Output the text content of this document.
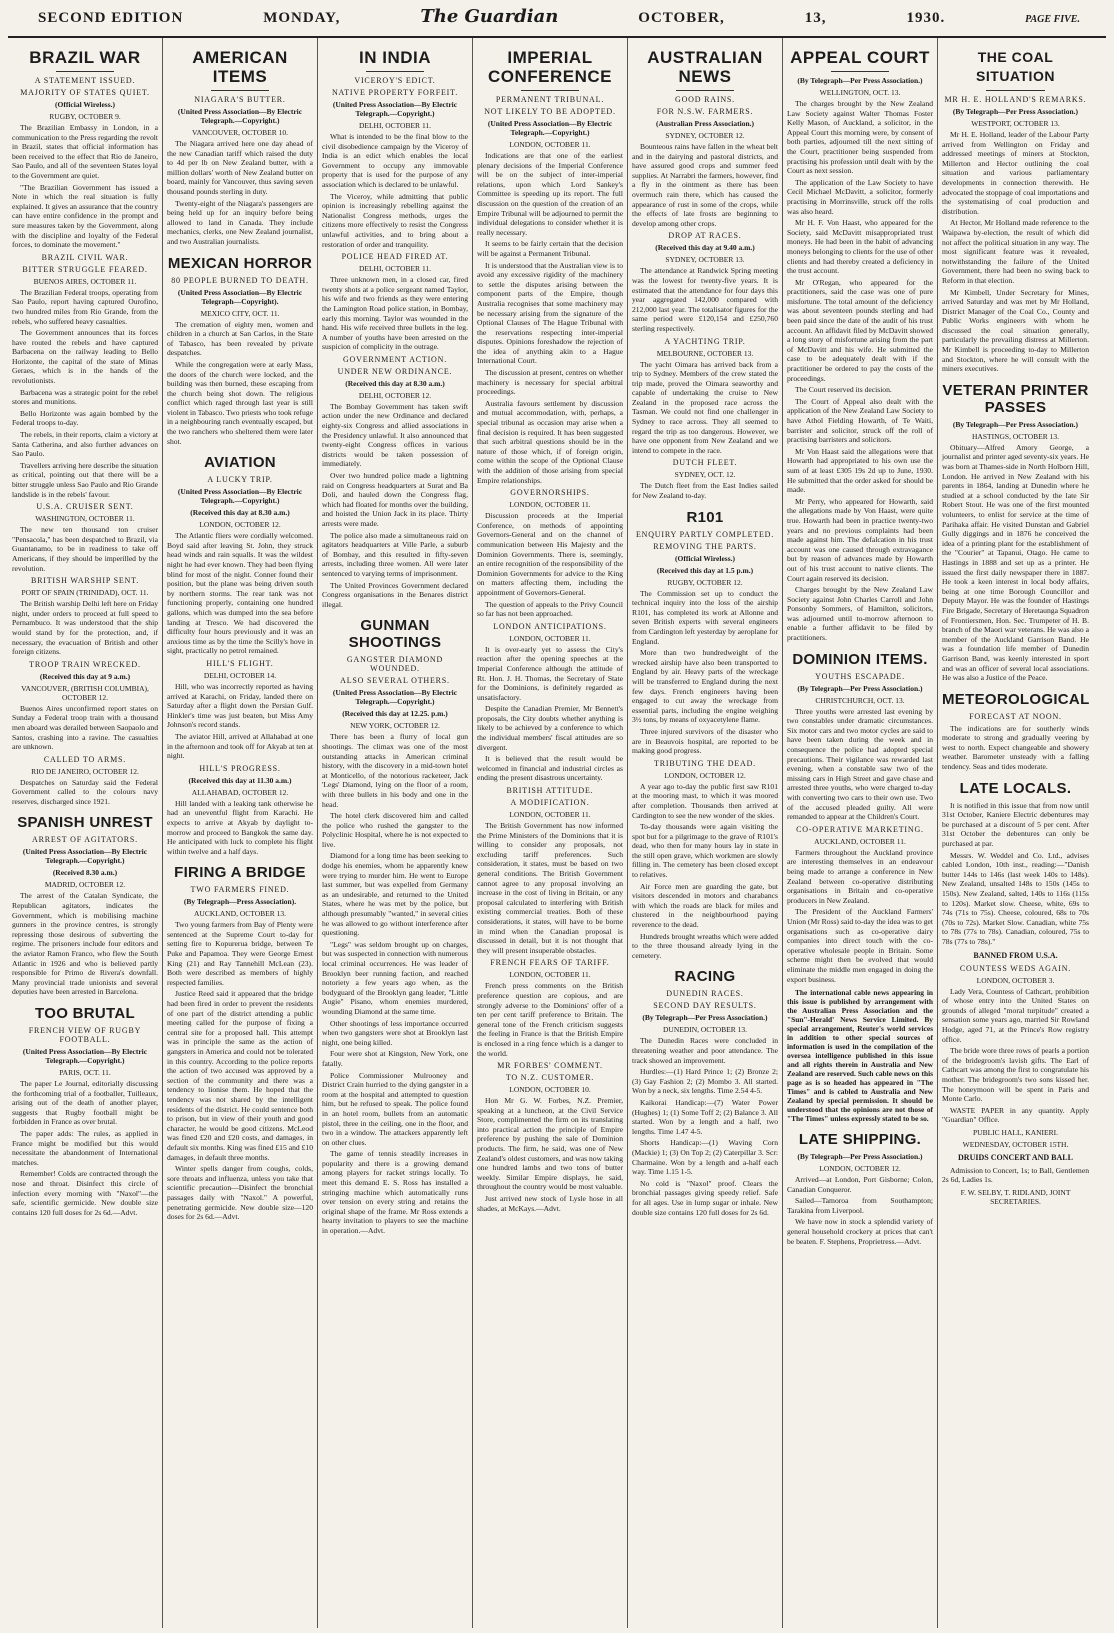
SECOND EDITION	MONDAY,	The Guardian	OCTOBER,	13,	1930.	PAGE FIVE.
BRAZIL WAR
A STATEMENT ISSUED.
MAJORITY OF STATES QUIET.
(Official Wireless.)
RUGBY, OCTOBER 9.

The Brazilian Embassy in London, in a communication to the Press regarding the revolt in Brazil, states that official information has been received to the effect that Rio de Janeiro, Sao Paulo, and all of the seventeen States loyal to the Government are quiet.

"The Brazilian Government has issued a Note in which the real situation is fully explained. It gives an assurance that the country can have entire confidence in the prompt and sure measures taken by the Government, along with the discipline and loyalty of the Federal forces, to dominate the movement."

BRAZIL CIVIL WAR.
BITTER STRUGGLE FEARED.
BUENOS AIRES, OCTOBER 11.

The Brazilian Federal troops, operating from Sao Paulo, report having captured Ourofino, two hundred miles from Rio Grande, from the rebels, who suffered heavy casualties.

The Government announces that its forces have routed the rebels and have captured Barbacena on the railway leading to Bello Horizonte, the capital of the state of Minas Geraes, which is in the hands of the revolutionists.

Barbacena was a strategic point for the rebel stores and munitions.

Bello Horizonte was again bombed by the Federal troops to-day.

The rebels, in their reports, claim a victory at Santa Catherina, and also further advances on Sao Paulo.

Travellers arriving here describe the situation as critical, pointing out that there will be a bitter struggle unless Sao Paulo and Rio Grande landslide is in the rebels' favour.

U.S.A. CRUISER SENT.
WASHINGTON, OCTOBER 11.

The new ten thousand ton cruiser "Pensacola," has been despatched to Brazil, via Guantanamo, to be in readiness to take off Americans, if they should be imperilled by the revolution.

BRITISH WARSHIP SENT.
PORT OF SPAIN (TRINIDAD), OCT. 11.

The British warship Delhi left here on Friday night, under orders to proceed at full speed to Pernambuco. It was understood that the ship would stand by for the protection, and, if necessary, the evacuation of British and other foreign citizens.

TROOP TRAIN WRECKED.
(Received this day at 9 a.m.)
VANCOUVER, (BRITISH COLUMBIA), OCTOBER 12.

Buenos Aires unconfirmed report states on Sunday a Federal troop train with a thousand men aboard was derailed between Saopaolo and Santos, crashing into a ravine. The casualties are unknown.

CALLED TO ARMS.
RIO DE JANEIRO, OCTOBER 12.

Despatches on Saturday said the Federal Government called to the colours navy reserves, discharged since 1921.

SPANISH UNREST
ARREST OF AGITATORS.
(United Press Association—By Electric Telegraph.—Copyright.)
(Received 8.30 a.m.)
MADRID, OCTOBER 12.

The arrest of the Catalan Syndicate, the Republican agitators, indicates the Government, which is mobilising machine gunners in the province centres, is strongly repressing those desirous of subverting the regime. The prisoners include four editors and the aviator Ramon Franco, who flew the South Atlantic in 1926 and who is believed partly responsible for Primo de Rivera's downfall. Many provincial trade unionists and several deputies have been arrested in Barcelona.

TOO BRUTAL
FRENCH VIEW OF RUGBY FOOTBALL.
(United Press Association—By Electric Telegraph.—Copyright.)
PARIS, OCT. 11.

The paper Le Journal, editorially discussing the forthcoming trial of a footballer, Tuilleaux, arising out of the death of another player, suggests that Rugby football might be forbidden in France as over brutal.

The paper adds: The rules, as applied in France might be modified but this would necessitate the abandonment of International matches.

Remember! Colds are contracted through the nose and throat. Disinfect this circle of infection every morning with "Naxol"—the safe, scientific germicide. New double size contains 120 full doses for 2s 6d.—Advt.

AMERICAN ITEMS
NIAGARA'S BUTTER.
(United Press Association—By Electric Telegraph.—Copyright.)
VANCOUVER, OCTOBER 10.

The Niagara arrived here one day ahead of the new Canadian tariff which raised the duty to 4d per lb on New Zealand butter, with a million dollars' worth of New Zealand butter on board, mainly for Vancouver, thus saving seven thousand pounds sterling in duty.

Twenty-eight of the Niagara's passengers are being held up for an inquiry before being allowed to land in Canada. They include mechanics, clerks, one New Zealand journalist, and two Australian journalists.

MEXICAN HORROR
80 PEOPLE BURNED TO DEATH.
(United Press Association—By Electric Telegraph—Copyright).
MEXICO CITY, OCT. 11.

The cremation of eighty men, women and children in a church at San Carlos, in the State of Tabasco, has been revealed by private despatches.

While the congregation were at early Mass, the doors of the church were locked, and the building was then burned, these escaping from the church being shot down. The religious conflict which raged through last year is still violent in Tabasco. Two priests who took refuge in a neighbouring ranch eventually escaped, but the two ranchers who sheltered them were later shot.

AVIATION
A LUCKY TRIP.
(United Press Association—By Electric Telegraph.—Copyright.)
(Received this day at 8.30 a.m.)
LONDON, OCTOBER 12.

The Atlantic fliers were cordially welcomed. Boyd said after leaving St. John, they struck head winds and rain squalls. It was the wildest night he had ever known. They had been flying blind for most of the night. Conner found their position, but the plane was being driven south by northern storms. The rear tank was not functioning properly, containing one hundred gallons, which was dumped into the sea before landing at Tresco. We had discovered the difficulty four hours previously and it was an anxious time as by the time the Scilly's hove in sight, practically no petrol remained.

HILL'S FLIGHT.
DELHI, OCTOBER 14.

Hill, who was incorrectly reported as having arrived at Karachi, on Friday, landed there on Saturday after a flight down the Persian Gulf. Hinkler's time was just beaten, but Miss Amy Johnson's record stands.

The aviator Hill, arrived at Allahabad at one in the afternoon and took off for Akyab at ten at night.

HILL'S PROGRESS.
(Received this day at 11.30 a.m.)
ALLAHABAD, OCTOBER 12.

Hill landed with a leaking tank otherwise he had an uneventful flight from Karachi. He expects to arrive at Akyab by daylight to-morrow and proceed to Bangkok the same day. He anticipated with luck to complete his flight within twelve and a half days.

FIRING A BRIDGE
TWO FARMERS FINED.
(By Telegraph—Press Association).
AUCKLAND, OCTOBER 13.

Two young farmers from Bay of Plenty were sentenced at the Supreme Court to-day for setting fire to Kopurerua bridge, between Te Puke and Papamoa. They were George Ernest King (21) and Ray Tannehill McLean (23). Both were described as members of highly respected families.

Justice Reed said it appeared that the bridge had been fired in order to prevent the residents of one part of the district attending a public meeting called for the purpose of fixing a central site for a proposed hall. This attempt was in principle the same as the action of gangsters in America and could not be tolerated in this country. According to the police reports the action of two accused was approved by a section of the community and there was a tendency to lionise them. He hoped that the tendency was not shared by the intelligent residents of the district. He could sentence both to prison, but in view of their youth and good character, he would be good citizens. McLeod was fined £20 and £20 costs, and damages, in default six months. King was fined £15 and £10 damages, in default three months.

Winter spells danger from coughs, colds, sore throats and influenza, unless you take that scientific precaution—Disinfect the bronchial passages daily with "Naxol." A powerful, penetrating germicide. New double size—120 doses for 2s 6d.—Advt.

IN INDIA
VICEROY'S EDICT.
NATIVE PROPERTY FORFEIT.
(United Press Association—By Electric Telegraph.—Copyright.)
DELHI, OCTOBER 11.

What is intended to be the final blow to the civil disobedience campaign by the Viceroy of India is an edict which enables the local Government to occupy any immovable property that is used for the purpose of any association which is declared to be unlawful.

The Viceroy, while admitting that public opinion is increasingly rebelling against the Nationalist Congress methods, urges the citizens more effectively to resist the Congress unlawful activities, and to bring about a restoration of order and tranquility.

POLICE HEAD FIRED AT.
DELHI, OCTOBER 11.

Three unknown men, in a closed car, fired twenty shots at a police sergeant named Taylor, his wife and two friends as they were entering the Lamington Road police station, in Bombay, early this morning. Taylor was wounded in the hand. His wife received three bullets in the leg. A number of youths have been arrested on the suspicion of complicity in the outrage.

GOVERNMENT ACTION.
UNDER NEW ORDINANCE.
(Received this day at 8.30 a.m.)
DELHI, OCTOBER 12.

The Bombay Government has taken swift action under the new Ordinance and declared eighty-six Congress and allied associations in the Presidency unlawful. It also announced that twenty-eight Congress offices in various districts would be taken possession of immediately.

Over two hundred police made a lightning raid on Congress headquarters at Surat and Ba Doli, and hauled down the Congress flag, which had floated for months over the building, and hoisted the Union Jack in its place. Thirty arrests were made.

The police also made a simultaneous raid on agitators headquarters at Ville Parle, a suburb of Bombay, and this resulted in fifty-seven arrests, including three women. All were later sentenced to varying terms of imprisonment.

The United Provinces Government declared Congress organisations in the Benares district illegal.

GUNMAN SHOOTINGS
GANGSTER DIAMOND WOUNDED.
ALSO SEVERAL OTHERS.
(United Press Association—By Electric Telegraph.—Copyright.)
(Received this day at 12.25. p.m.)
NEW YORK, OCTOBER 12.

There has been a flurry of local gun shootings. The climax was one of the most outstanding attacks in American criminal history, with the discovery in a mid-town hotel at Monticello, of the notorious racketeer, Jack 'Legs' Diamond, lying on the floor of a room, with three bullets in his body and one in the head.

The hotel clerk discovered him and called the police who rushed the gangster to the Polyclinic Hospital, where he is not expected to live.

Diamond for a long time has been seeking to dodge his enemies, whom he apparently knew were trying to murder him. He went to Europe last summer, but was expelled from Germany as an undesirable, and returned to the United States, where he was met by the police, but although presumably "wanted," in several cities he was allowed to go without interference after questioning.

"Legs" was seldom brought up on charges, but was suspected in connection with numerous local criminal occurrences. He was leader of Brooklyn beer running faction, and reached notoriety a few years ago when, as the bodyguard of the Brooklyn gang leader, "Little Augie" Pisano, whom enemies murdered, wounding Diamond at the same time.

Other shootings of less importance occurred when two gangsters were shot at Brooklyn last night, one being killed.

Four were shot at Kingston, New York, one fatally.

Police Commissioner Mulrooney and District Crain hurried to the dying gangster in a room at the hospital and attempted to question him, but he refused to speak. The police found in an hotel room, bullets from an automatic pistol, three in the ceiling, one in the floor, and two in a window. The attackers apparently left on other clues.

The game of tennis steadily increases in popularity and there is a growing demand among players for racket strings locally. To meet this demand E. S. Ross has installed a stringing machine which automatically runs over tension on every string and retains the original shape of the frame. Mr Ross extends a hearty invitation to players to see the machine in operation.—Advt.

IMPERIAL CONFERENCE
PERMANENT TRIBUNAL.
NOT LIKELY TO BE ADOPTED.
(United Press Association—By Electric Telegraph.—Copyright.)
LONDON, OCTOBER 11.

Indications are that one of the earliest plenary decisions of the Imperial Conference will be on the subject of inter-imperial relations, upon which Lord Sankey's Committee is speeding up its report. The full discussion on the question of the creation of an Empire Tribunal will be adjourned to permit the individual delegations to consider whether it is really necessary.

It seems to be fairly certain that the decision will be against a Permanent Tribunal.

It is understood that the Australian view is to avoid any excessive rigidity of the machinery to settle the disputes arising between the component parts of the Empire, though Australia recognises that some machinery may be necessary arising from the signature of the Optional Clauses of The Hague Tribunal with the reservations respecting inter-imperial disputes. Opinions foreshadow the rejection of the idea of anything akin to a Hague International Court.

The discussion at present, centres on whether machinery is necessary for special arbitral proceedings.

Australia favours settlement by discussion and mutual accommodation, with, perhaps, a special tribunal as occasion may arise when a final decision is required. It has been suggested that such arbitral questions should be in the nature of those which, if of foreign origin, come within the scope of the Optional Clause with the addition of those arising from special Empire relationships.

GOVERNORSHIPS.
LONDON, OCTOBER 11.

Discussion proceeds at the Imperial Conference, on methods of appointing Governors-General and on the channel of communication between His Majesty and the Dominion Governments. There is, seemingly, an entire recognition of the responsibility of the Dominion Governments for advice to the King on matters affecting them, including the appointment of Governors-General.

The question of appeals to the Privy Council so far has not been approached.

LONDON ANTICIPATIONS.
LONDON, OCTOBER 11.

It is over-early yet to assess the City's reaction after the opening speeches at the Imperial Conference although the attitude of Rt. Hon. J. H. Thomas, the Secretary of State for the Dominions, is definitely regarded as unsatisfactory.

Despite the Canadian Premier, Mr Bennett's proposals, the City doubts whether anything is likely to be achieved by a conference to which the individual members' fiscal attitudes are so divergent.

It is believed that the result would be welcomed in financial and industrial circles as ending the present disastrous uncertainty.

BRITISH ATTITUDE.
A MODIFICATION.
LONDON, OCTOBER 11.

The British Government has now informed the Prime Ministers of the Dominions that it is willing to consider any proposals, not excluding tariff preferences. Such consideration, it states, must be based on two general conditions. The British Government cannot agree to any proposal involving an increase in the cost of living in Britain, or any proposal calculated to interfering with British existing commercial treaties. Both of these considerations, it states, will have to be borne in mind when the Canadian proposal is discussed in detail, but it is not thought that they will present insuperable obstacles.

FRENCH FEARS OF TARIFF.
LONDON, OCTOBER 11.

French press comments on the British preference question are copious, and are strongly adverse to the Dominions' offer of a ten per cent tariff preference to Britain. The general tone of the French criticism suggests the feeling in France is that the British Empire is enclosed in a ring fence which is a danger to the world.

MR FORBES' COMMENT.
TO N.Z. CUSTOMER.
LONDON, OCTOBER 10.

Hon Mr G. W. Forbes, N.Z. Premier, speaking at a luncheon, at the Civil Service Store, complimented the firm on its translating into practical action the principle of Empire preference by pushing the sale of Dominion products. The firm, he said, was one of New Zealand's oldest customers, and was now taking one hundred lambs and two tons of butter weekly. Similar Empire displays, he said, throughout the country would be most valuable.

Just arrived new stock of Lysle hose in all shades, at McKays.—Advt.

AUSTRALIAN NEWS
GOOD RAINS.
FOR N.S.W. FARMERS.
(Australian Press Association.)
SYDNEY, OCTOBER 12.

Bounteous rains have fallen in the wheat belt and in the dairying and pastoral districts, and have assured good crops and summer feed supplies. At Narrabri the farmers, however, find a fly in the ointment as there has been overmuch rain there, which has caused the appearance of rust in some of the crops, while the effects of late frosts are beginning to develop among other crops.

DROP AT RACES.
(Received this day at 9.40 a.m.)
SYDNEY, OCTOBER 13.

The attendance at Randwick Spring meeting was the lowest for twenty-five years. It is estimated that the attendance for four days this year aggregated 142,000 compared with 212,000 last year. The totalisator figures for the same period were £120,154 and £250,760 sterling respectively.

A YACHTING TRIP.
MELBOURNE, OCTOBER 13.

The yacht Oimara has arrived back from a trip to Sydney. Members of the crew stated the trip made, proved the Oimara seaworthy and capable of undertaking the cruise to New Zealand in the proposed race across the Tasman. We could not find one challenger in Sydney to race across. They all seemed to regard the trip as too dangerous. However, we have one opponent from New Zealand and we intend to compete in the race.

DUTCH FLEET.
SYDNEY, OCT. 12.

The Dutch fleet from the East Indies sailed for New Zealand to-day.

R101
ENQUIRY PARTLY COMPLETED.
REMOVING THE PARTS.
(Official Wireless.)
(Received this day at 1.5 p.m.)
RUGBY, OCTOBER 12.

The Commission set up to conduct the technical inquiry into the loss of the airship R101, has completed its work at Allonne and seven British experts with several engineers from Cardington left yesterday by aeroplane for England.

More than two hundredweight of the wrecked airship have also been transported to England by air. Heavy parts of the wreckage will be transferred to England during the next few days. French engineers having been engaged to cut away the wreckage from essential parts, including the engine weighing 3½ tons, by means of oxyacetylene flame.

Three injured survivors of the disaster who are in Beauvois hospital, are reported to be making good progress.

TRIBUTING THE DEAD.
LONDON, OCTOBER 12.

A year ago to-day the public first saw R101 at the mooring mast, to which it was moored after completion. Thousands then arrived at Cardington to see the new wonder of the skies.

To-day thousands were again visiting the spot but for a pilgrimage to the grave of R101's dead, who then for many hours lay in state in the still open grave, which workmen are slowly filling in. The cemetery has been closed except to relatives.

Air Force men are guarding the gate, but visitors descended in motors and charabancs with which the roads are black for miles and clustered in the neighbourhood paying reverence to the dead.

Hundreds brought wreaths which were added to the three thousand already lying in the cemetery.

RACING
DUNEDIN RACES.
SECOND DAY RESULTS.
(By Telegraph—Per Press Association.)
DUNEDIN, OCTOBER 13.

The Dunedin Races were concluded in threatening weather and poor attendance. The track showed an improvement.

Hurdles:—(1) Hard Prince 1; (2) Bronze 2; (3) Gay Fashion 2; (2) Mombo 3. All started. Won by a neck, six lengths. Time 2.54 4-5.

Kaikorai Handicap:—(7) Water Power (Hughes) 1; (1) Some Toff 2; (2) Balance 3. All started. Won by a length and a half, two lengths. Time 1.47 4-5.

Shorts Handicap:—(1) Waving Corn (Mackie) 1; (3) On Top 2; (2) Caterpillar 3. Scr: Charmaine. Won by a length and a-half each way. Time 1.15 1-5.

No cold is "Naxol" proof. Clears the bronchial passages giving speedy relief. Safe for all ages. Use in lump sugar or inhale. New double size contains 120 full doses for 2s 6d.

APPEAL COURT
(By Telegraph—Per Press Association.)
WELLINGTON, OCT. 13.

The charges brought by the New Zealand Law Society against Walter Thomas Foster Kelly Mason, of Auckland, a solicitor, in the Appeal Court this morning were, by consent of both parties, adjourned till the next sitting of the Court, practitioner being suspended from practising his profession until dealt with by the Court as next session.

The application of the Law Society to have Cecil Michael McDavitt, a solicitor, formerly practising in Morrinsville, struck off the rolls was also heard.

Mr H. F. Von Haast, who appeared for the Society, said McDavitt misappropriated trust moneys. He had been in the habit of advancing moneys belonging to clients for the use of other clients and had thereby created a deficiency in the trust account.

Mr O'Regan, who appeared for the practitioners, said the case was one of pure misfortune. The total amount of the deficiency was about seventeen pounds sterling and had been paid since the date of the audit of his trust account. An affidavit filed by McDavitt showed a long story of misfortune arising from the part of McDavitt and his wife. He submitted the case to be adequately dealt with if the practitioner be ordered to pay the costs of the proceedings.

The Court reserved its decision.

The Court of Appeal also dealt with the application of the New Zealand Law Society to have Athol Fielding Howarth, of Te Waiti, barrister and solicitor, struck off the roll of practising barristers and solicitors.

Mr Von Haast said the allegations were that Howarth had appropriated to his own use the sum of at least £305 19s 2d up to June, 1930. He submitted that the order asked for should be made.

Mr Perry, who appeared for Howarth, said the allegations made by Von Haast, were quite true. Howarth had been in practice twenty-two years and no previous complaints had been made against him. The defalcation in his trust account was one caused through extravagance but by reason of advances made by Howarth out of his trust account to native clients. The Court again reserved its decision.

Charges brought by the New Zealand Law Society against John Charles Carroll and John Ponsonby Sommers, of Hamilton, solicitors, was adjourned until to-morrow afternoon to enable a further affidavit to be filed by practitioners.

DOMINION ITEMS.
YOUTHS ESCAPADE.
(By Telegraph—Per Press Association.)
CHRISTCHURCH, OCT. 13.

Three youths were arrested last evening by two constables under dramatic circumstances. Six motor cars and two motor cycles are said to have been taken during the week and in consequence the police had adopted special precautions. Their vigilance was rewarded last evening, when a constable saw two of the missing cars in High Street and gave chase and arrested three youths, who were charged to-day with converting two cars to their own use. Two of the accused pleaded guilty. All were remanded to appear at the Children's Court.

CO-OPERATIVE MARKETING.
AUCKLAND, OCTOBER 11.

Farmers throughout the Auckland province are interesting themselves in an endeavour being made to arrange a conference in New Zealand between co-operative distributing organisations in Britain and co-operative producers in New Zealand.

The President of the Auckland Farmers' Union (Mr Ross) said to-day the idea was to get organisations such as co-operative dairy companies into direct touch with the co-operative wholesale people in Britain. Some scheme might then be evolved that would eliminate the middle men engaged in doing the export business.

The international cable news appearing in this issue is published by arrangement with the Australian Press Association and the "Sun"-Herald' News Service Limited. By special arrangement, Reuter's world services in addition to other special sources of information is used in the compilation of the oversea intelligence published in this issue and all rights therein in Australia and New Zealand are reserved. Such cable news on this page as is so headed has appeared in "The Times" and is cabled to Australia and New Zealand by special permission. It should be understood that the opinions are not those of "The Times" unless expressly stated to be so.

LATE SHIPPING.
(By Telegraph—Per Press Association.)
LONDON, OCTOBER 12.

Arrived—at London, Port Gisborne; Colon, Canadian Conqueror.

Sailed—Tamoroa from Southampton; Tarakina from Liverpool.

We have now in stock a splendid variety of general household crockery at prices that can't be beaten. F. Stephens, Proprietress.—Advt.

THE COAL SITUATION
MR H. E. HOLLAND'S REMARKS.
(By Telegraph—Per Press Association.)
WESTPORT, OCTOBER 13.

Mr H. E. Holland, leader of the Labour Party arrived from Wellington on Friday and addressed meetings of miners at Stockton, Millerton and Hector outlining the coal situation and various parliamentary developments in connection therewith. He advocated the stoppage of coal importations and the systematising of coal production and distribution.

At Hector, Mr Holland made reference to the Waipawa by-election, the result of which did not affect the political situation in any way. The most significant feature was it revealed, notwithstanding the failure of the United Government, there had been no swing back to Reform in that election.

Mr Kimbell, Under Secretary for Mines, arrived Saturday and was met by Mr Holland, District Manager of the Coal Co., County and Public Works engineers with whom he discussed the coal situation generally, particularly the prevailing distress at Millerton. Mr Kimbell is proceeding to-day to Millerton and Stockton, where he will consult with the miners executives.

VETERAN PRINTER PASSES
(By Telegraph—Per Press Association.)
HASTINGS, OCTOBER 13.

Obituary—Alfred Amory George, a journalist and printer aged seventy-six years. He was born at Thames-side in North Holborn Hill, London. He arrived in New Zealand with his parents in 1864, landing at Dunedin where he studied at a school conducted by the late Sir Robert Stout. He was one of the first mounted volunteers, to enlist for service at the time of Parihaka affair. He visited Dunstan and Gabriel Gully diggings and in 1876 he conceived the idea of a printing plant for the establishment of the "Courier" at Tapanui, Otago. He came to Hastings in 1888 and set up as a printer. He issued the first daily newspaper there in 1887. He took a keen interest in local body affairs, being at one time Borough Councillor and Deputy Mayor. He was the founder of Hastings Fire Brigade, Secretary of Heretaunga Squadron of Frontiersmen, Hon. Sec. Trumpeter of H. B. branch of the Maori war veterans. He was also a member of the Auckland Garrison Band. He was a foundation life member of Dunedin Garrison Band, was keenly interested in sport and was an officer of several local associations. He was also a Justice of the Peace.

METEOROLOGICAL
FORECAST AT NOON.

The indications are for southerly winds moderate to strong and gradually veering by west to north. Expect changeable and showery weather. Barometer unsteady with a falling tendency. Seas and tides moderate.

LATE LOCALS.

It is notified in this issue that from now until 31st October, Kaniere Electric debentures may be purchased at a discount of 5 per cent. After 31st October the debentures can only be purchased at par.

Messrs. W. Weddel and Co. Ltd., advises cabled London, 10th inst., reading:—"Danish butter 144s to 146s (last week 140s to 148s). New Zealand, unsalted 148s to 150s (145s to 150s). New Zealand, salted, 140s to 116s (115s to 120s). Market slow. Cheese, white, 69s to 74s (71s to 75s). Cheese, coloured, 68s to 70s (70s to 72s). Market Slow. Canadian, white 75s to 78s (77s to 78s). Canadian, coloured, 75s to 78s (77s to 78s)."

BANNED FROM U.S.A.
COUNTESS WEDS AGAIN.
LONDON, OCTOBER 3.

Lady Vera, Countess of Cathcart, prohibition of whose entry into the United States on grounds of alleged "moral turpitude" created a sensation some years ago, married Sir Rowland Hodge, aged 71, at the Prince's Row registry office.

The bride wore three rows of pearls a portion of the bridegroom's lavish gifts. The Earl of Cathcart was among the first to congratulate his mother. The bridegroom's two sons kissed her. The honeymoon will be spent in Paris and Monte Carlo.

WASTE PAPER in any quantity. Apply "Guardian" Office.

PUBLIC HALL, KANIERI.
WEDNESDAY, OCTOBER 15TH.
DRUIDS CONCERT AND BALL

Admission to Concert, 1s; to Ball, Gentlemen 2s 6d, Ladies 1s.

F. W. SELBY, T. RIDLAND, JOINT SECRETARIES.
